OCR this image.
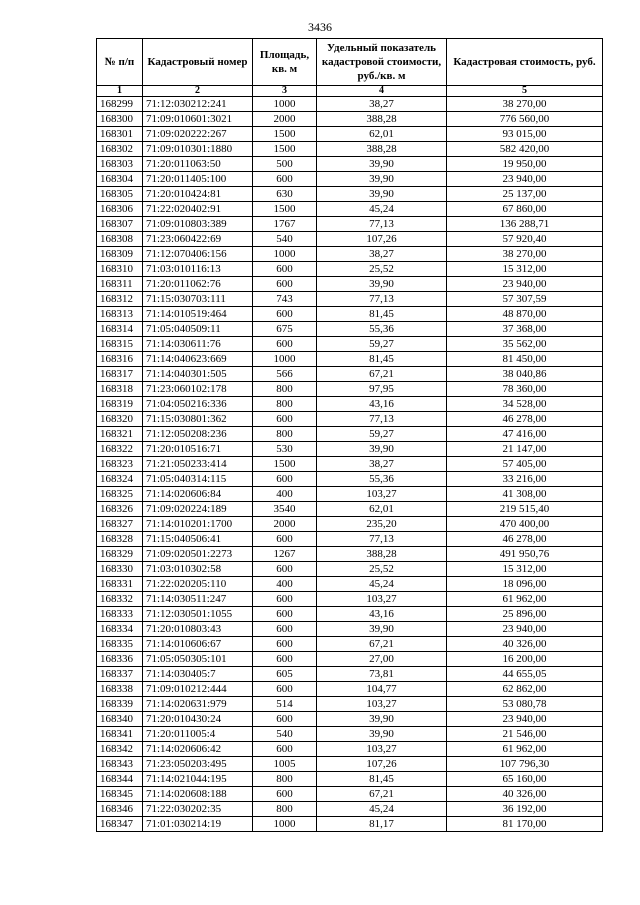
3436
№ п/п	Кадастровый номер	Площадь, кв. м	Удельный показатель кадастровой стоимости, руб./кв. м	Кадастровая стоимость, руб.
1	2	3	4	5
168299	71:12:030212:241	1000	38,27	38 270,00
168300	71:09:010601:3021	2000	388,28	776 560,00
168301	71:09:020222:267	1500	62,01	93 015,00
168302	71:09:010301:1880	1500	388,28	582 420,00
168303	71:20:011063:50	500	39,90	19 950,00
168304	71:20:011405:100	600	39,90	23 940,00
168305	71:20:010424:81	630	39,90	25 137,00
168306	71:22:020402:91	1500	45,24	67 860,00
168307	71:09:010803:389	1767	77,13	136 288,71
168308	71:23:060422:69	540	107,26	57 920,40
168309	71:12:070406:156	1000	38,27	38 270,00
168310	71:03:010116:13	600	25,52	15 312,00
168311	71:20:011062:76	600	39,90	23 940,00
168312	71:15:030703:111	743	77,13	57 307,59
168313	71:14:010519:464	600	81,45	48 870,00
168314	71:05:040509:11	675	55,36	37 368,00
168315	71:14:030611:76	600	59,27	35 562,00
168316	71:14:040623:669	1000	81,45	81 450,00
168317	71:14:040301:505	566	67,21	38 040,86
168318	71:23:060102:178	800	97,95	78 360,00
168319	71:04:050216:336	800	43,16	34 528,00
168320	71:15:030801:362	600	77,13	46 278,00
168321	71:12:050208:236	800	59,27	47 416,00
168322	71:20:010516:71	530	39,90	21 147,00
168323	71:21:050233:414	1500	38,27	57 405,00
168324	71:05:040314:115	600	55,36	33 216,00
168325	71:14:020606:84	400	103,27	41 308,00
168326	71:09:020224:189	3540	62,01	219 515,40
168327	71:14:010201:1700	2000	235,20	470 400,00
168328	71:15:040506:41	600	77,13	46 278,00
168329	71:09:020501:2273	1267	388,28	491 950,76
168330	71:03:010302:58	600	25,52	15 312,00
168331	71:22:020205:110	400	45,24	18 096,00
168332	71:14:030511:247	600	103,27	61 962,00
168333	71:12:030501:1055	600	43,16	25 896,00
168334	71:20:010803:43	600	39,90	23 940,00
168335	71:14:010606:67	600	67,21	40 326,00
168336	71:05:050305:101	600	27,00	16 200,00
168337	71:14:030405:7	605	73,81	44 655,05
168338	71:09:010212:444	600	104,77	62 862,00
168339	71:14:020631:979	514	103,27	53 080,78
168340	71:20:010430:24	600	39,90	23 940,00
168341	71:20:011005:4	540	39,90	21 546,00
168342	71:14:020606:42	600	103,27	61 962,00
168343	71:23:050203:495	1005	107,26	107 796,30
168344	71:14:021044:195	800	81,45	65 160,00
168345	71:14:020608:188	600	67,21	40 326,00
168346	71:22:030202:35	800	45,24	36 192,00
168347	71:01:030214:19	1000	81,17	81 170,00
